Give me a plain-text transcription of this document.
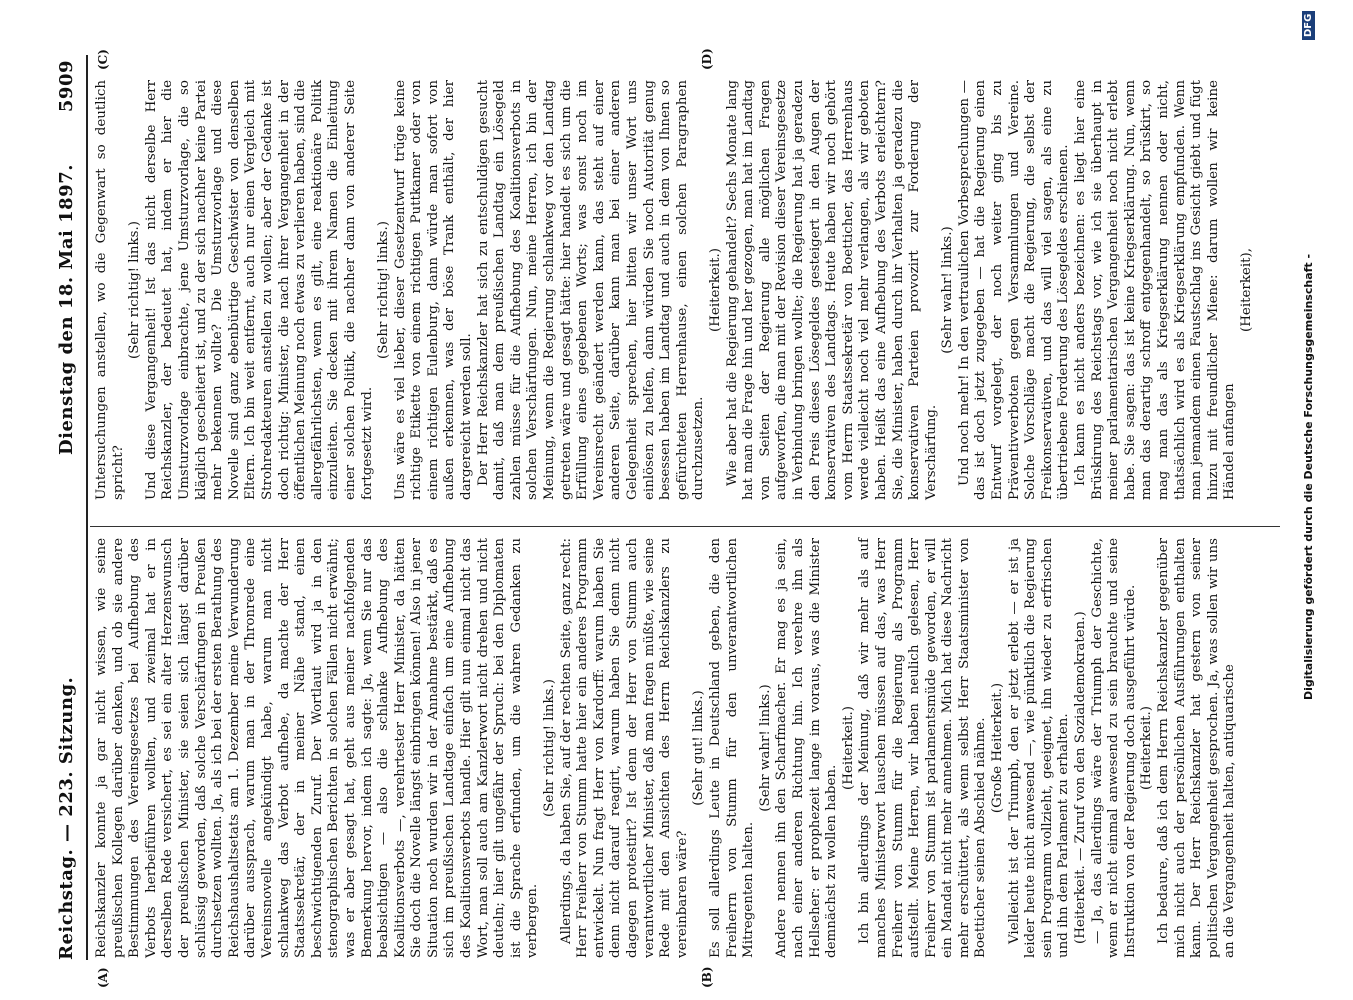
Reichstag. — 223. Sitzung.
Dienstag den 18. Mai 1897.
5909
(A)	(B)
(C)	(D)

Reichskanzler konnte ja gar nicht wissen, wie seine preußischen Kollegen darüber denken, und ob sie andere Bestimmungen des Vereinsgesetzes bei Aufhebung des Verbots herbeiführen wollten, und zweimal hat er in derselben Rede versichert, es sei ein alter Herzenswunsch der preußischen Minister, sie seien sich längst darüber schlüssig geworden, daß solche Verschärfungen in Preußen durchsetzen wollten. Ja, als ich bei der ersten Berathung des Reichshaushaltsetats am 1. Dezember meine Verwunderung darüber aussprach, warum man in der Thronrede eine Vereinsnovelle angekündigt habe, warum man nicht schlankweg das Verbot aufhebe, da machte der Herr Staatssekretär, der in meiner Nähe stand, einen beschwichtigenden Zuruf. Der Wortlaut wird ja in den stenographischen Berichten in solchen Fällen nicht erwähnt; was er aber gesagt hat, geht aus meiner nachfolgenden Bemerkung hervor, indem ich sagte: Ja, wenn Sie nur das beabsichtigen — also die schlanke Aufhebung des Koalitionsverbots —, verehrtester Herr Minister, da hätten Sie doch die Novelle längst einbringen können! Also in jener Situation noch wurden wir in der Annahme bestärkt, daß es sich im preußischen Landtage einfach um eine Aufhebung des Koalitionsverbots handle. Hier gilt nun einmal nicht das Wort, man soll auch am Kanzlerwort nicht drehen und nicht deuteln; hier gilt ungefähr der Spruch: bei den Diplomaten ist die Sprache erfunden, um die wahren Gedanken zu verbergen.

(Sehr richtig! links.) Allerdings, da haben Sie, auf der rechten Seite, ganz recht: Herr Freiherr von Stumm hatte hier ein anderes Programm entwickelt. Nun fragt Herr von Kardorff: warum haben Sie denn nicht darauf reagirt, warum haben Sie denn nicht dagegen protestirt? Ist denn der Herr von Stumm auch verantwortlicher Minister, daß man fragen müßte, wie seine Rede mit den Ansichten des Herrn Reichskanzlers zu vereinbaren wäre?

(Sehr gut! links.) Es soll allerdings Leute in Deutschland geben, die den Freiherrn von Stumm für den unverantwortlichen Mitregenten halten.

(Sehr wahr! links.) Andere nennen ihn den Scharfmacher. Er mag es ja sein, nach einer anderen Richtung hin. Ich verehre ihn als Hellseher: er prophezeit lange im voraus, was die Minister demnächst zu wollen haben.

(Heiterkeit.) Ich bin allerdings der Meinung, daß wir mehr als auf manches Ministerwort lauschen müssen auf das, was Herr Freiherr von Stumm für die Regierung als Programm aufstellt. Meine Herren, wir haben neulich gelesen, Herr Freiherr von Stumm ist parlamentsmüde geworden, er will ein Mandat nicht mehr annehmen. Mich hat diese Nachricht mehr erschüttert, als wenn selbst Herr Staatsminister von Boetticher seinen Abschied nähme. (Große Heiterkeit.) Vielleicht ist der Triumph, den er jetzt erlebt — er ist ja leider heute nicht anwesend —, wie pünktlich die Regierung sein Programm vollzieht, geeignet, ihn wieder zu erfrischen und ihn dem Parlament zu erhalten. (Heiterkeit. — Zuruf von den Sozialdemokraten.) — Ja, das allerdings wäre der Triumph der Geschichte, wenn er nicht einmal anwesend zu sein brauchte und seine Instruktion von der Regierung doch ausgeführt würde. (Heiterkeit.) Ich bedaure, daß ich dem Herrn Reichskanzler gegenüber mich nicht auch der persönlichen Ausführungen enthalten kann. Der Herr Reichskanzler hat gestern von seiner politischen Vergangenheit gesprochen. Ja, was sollen wir uns an die Vergangenheit halten, antiquarische

Untersuchungen anstellen, wo die Gegenwart so deutlich spricht?

(Sehr richtig! links.) Und diese Vergangenheit! Ist das nicht derselbe Herr Reichskanzler, der bedeutet hat, indem er hier die Umsturzvorlage einbrachte, jene Umsturzvorlage, die so kläglich gescheitert ist, und zu der sich nachher keine Partei mehr bekennen wollte? Die Umsturzvorlage und diese Novelle sind ganz ebenbürtige Geschwister von denselben Eltern. Ich bin weit entfernt, auch nur einen Vergleich mit Strohredakteuren anstellen zu wollen; aber der Gedanke ist doch richtig: Minister, die nach ihrer Vergangenheit in der öffentlichen Meinung noch etwas zu verlieren haben, sind die allergefährlichsten, wenn es gilt, eine reaktionäre Politik einzuleiten. Sie decken mit ihrem Namen die Einleitung einer solchen Politik, die nachher dann von anderer Seite fortgesetzt wird.

(Sehr richtig! links.) Uns wäre es viel lieber, dieser Gesetzentwurf trüge keine richtige Etikette von einem richtigen Puttkamer oder von einem richtigen Eulenburg, dann würde man sofort von außen erkennen, was der böse Trank enthält, der hier dargereicht werden soll. Der Herr Reichskanzler hat sich zu entschuldigen gesucht damit, daß man dem preußischen Landtag ein Lösegeld zahlen müsse für die Aufhebung des Koalitionsverbots in solchen Verschärfungen. Nun, meine Herren, ich bin der Meinung, wenn die Regierung schlankweg vor den Landtag getreten wäre und gesagt hätte: hier handelt es sich um die Erfüllung eines gegebenen Worts; was sonst noch im Vereinsrecht geändert werden kann, das steht auf einer anderen Seite, darüber kann man bei einer anderen Gelegenheit sprechen, hier bitten wir unser Wort uns einlösen zu helfen, dann würden Sie noch Autorität genug besessen haben im Landtag und auch in dem von Ihnen so gefürchteten Herrenhause, einen solchen Paragraphen durchzusetzen.

(Heiterkeit.) Wie aber hat die Regierung gehandelt? Sechs Monate lang hat man die Frage hin und her gezogen, man hat im Landtag von Seiten der Regierung alle möglichen Fragen aufgeworfen, die man mit der Revision dieser Vereinsgesetze in Verbindung bringen wollte; die Regierung hat ja geradezu den Preis dieses Lösegeldes gesteigert in den Augen der konservativen des Landtags. Heute haben wir noch gehört vom Herrn Staatssekretär von Boetticher, das Herrenhaus werde vielleicht noch viel mehr verlangen, als wir geboten haben. Heißt das eine Aufhebung des Verbots erleichtern? Sie, die Minister, haben durch ihr Verhalten ja geradezu die konservativen Parteien provozirt zur Forderung der Verschärfung.

(Sehr wahr! links.) Und noch mehr! In den vertraulichen Vorbesprechungen — das ist doch jetzt zugegeben — hat die Regierung einen Entwurf vorgelegt, der noch weiter ging bis zu Präventivverboten gegen Versammlungen und Vereine. Solche Vorschläge macht die Regierung, die selbst der Freikonservativen, und das will viel sagen, als eine zu übertriebene Forderung des Lösegeldes erschienen. Ich kann es nicht anders bezeichnen: es liegt hier eine Brüskirung des Reichstags vor, wie ich sie überhaupt in meiner parlamentarischen Vergangenheit noch nicht erlebt habe. Sie sagen: das ist keine Kriegserklärung. Nun, wenn man das derartig schroff entgegenhandelt, so brüskirt, so mag man das als Kriegserklärung nennen oder nicht, thatsächlich wird es als Kriegserklärung empfunden. Wenn man jemandem einen Faustschlag ins Gesicht giebt und fügt hinzu mit freundlicher Miene: darum wollen wir keine Händel anfangen

(Heiterkeit),	Digitalisierung gefördert durch die Deutsche Forschungsgemeinschaft -
DFG
